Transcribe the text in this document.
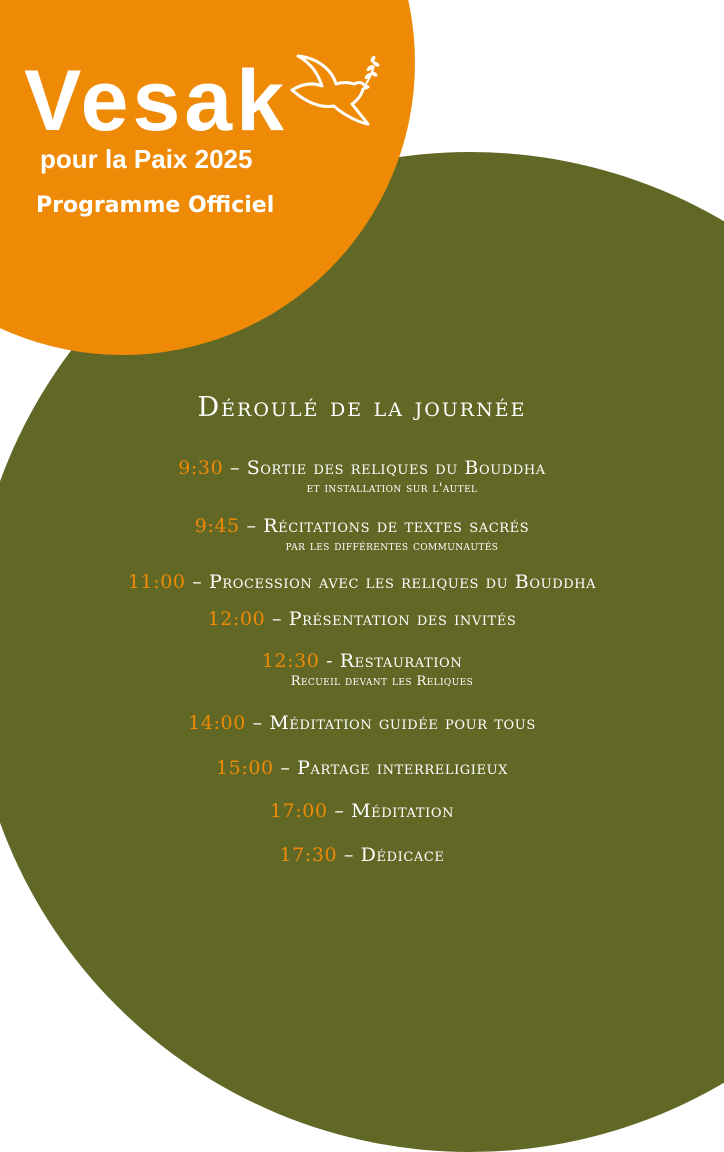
Vesak
pour la Paix 2025
Programme Officiel
Déroulé de la journée
9:30 – Sortie des reliques du Bouddha
et installation sur l'autel
9:45 – Récitations de textes sacrés
par les différentes communautés
11:00 – Procession avec les reliques du Bouddha
12:00 – Présentation des invités
12:30 - Restauration
Recueil devant les Reliques
14:00 – Méditation guidée pour tous
15:00 – Partage interreligieux
17:00 – Méditation
17:30 – Dédicace
